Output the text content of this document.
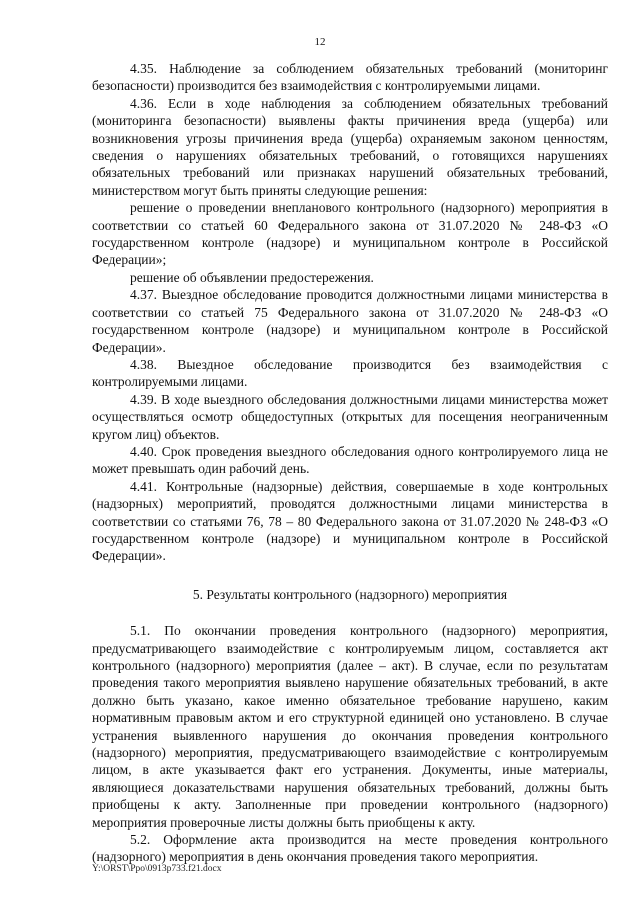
12

4.35. Наблюдение за соблюдением обязательных требований (мониторинг безопасности) производится без взаимодействия с контролируемыми лицами.

4.36. Если в ходе наблюдения за соблюдением обязательных требований (мониторинга безопасности) выявлены факты причинения вреда (ущерба) или возникновения угрозы причинения вреда (ущерба) охраняемым законом ценностям, сведения о нарушениях обязательных требований, о готовящихся нарушениях обязательных требований или признаках нарушений обязательных требований, министерством могут быть приняты следующие решения:

решение о проведении внепланового контрольного (надзорного) мероприятия в соответствии со статьей 60 Федерального закона от 31.07.2020 № 248-ФЗ «О государственном контроле (надзоре) и муниципальном контроле в Российской Федерации»;

решение об объявлении предостережения.

4.37. Выездное обследование проводится должностными лицами министерства в соответствии со статьей 75 Федерального закона от 31.07.2020 № 248-ФЗ «О государственном контроле (надзоре) и муниципальном контроле в Российской Федерации».

4.38. Выездное обследование производится без взаимодействия с контролируемыми лицами.

4.39. В ходе выездного обследования должностными лицами министерства может осуществляться осмотр общедоступных (открытых для посещения неограниченным кругом лиц) объектов.

4.40. Срок проведения выездного обследования одного контролируемого лица не может превышать один рабочий день.

4.41. Контрольные (надзорные) действия, совершаемые в ходе контрольных (надзорных) мероприятий, проводятся должностными лицами министерства в соответствии со статьями 76, 78 – 80 Федерального закона от 31.07.2020 № 248-ФЗ «О государственном контроле (надзоре) и муниципальном контроле в Российской Федерации».

5. Результаты контрольного (надзорного) мероприятия

5.1. По окончании проведения контрольного (надзорного) мероприятия, предусматривающего взаимодействие с контролируемым лицом, составляется акт контрольного (надзорного) мероприятия (далее – акт). В случае, если по результатам проведения такого мероприятия выявлено нарушение обязательных требований, в акте должно быть указано, какое именно обязательное требование нарушено, каким нормативным правовым актом и его структурной единицей оно установлено. В случае устранения выявленного нарушения до окончания проведения контрольного (надзорного) мероприятия, предусматривающего взаимодействие с контролируемым лицом, в акте указывается факт его устранения. Документы, иные материалы, являющиеся доказательствами нарушения обязательных требований, должны быть приобщены к акту. Заполненные при проведении контрольного (надзорного) мероприятия проверочные листы должны быть приобщены к акту.

5.2. Оформление акта производится на месте проведения контрольного (надзорного) мероприятия в день окончания проведения такого мероприятия.

Y:\ORST\Ppo\0913p733.f21.docx
